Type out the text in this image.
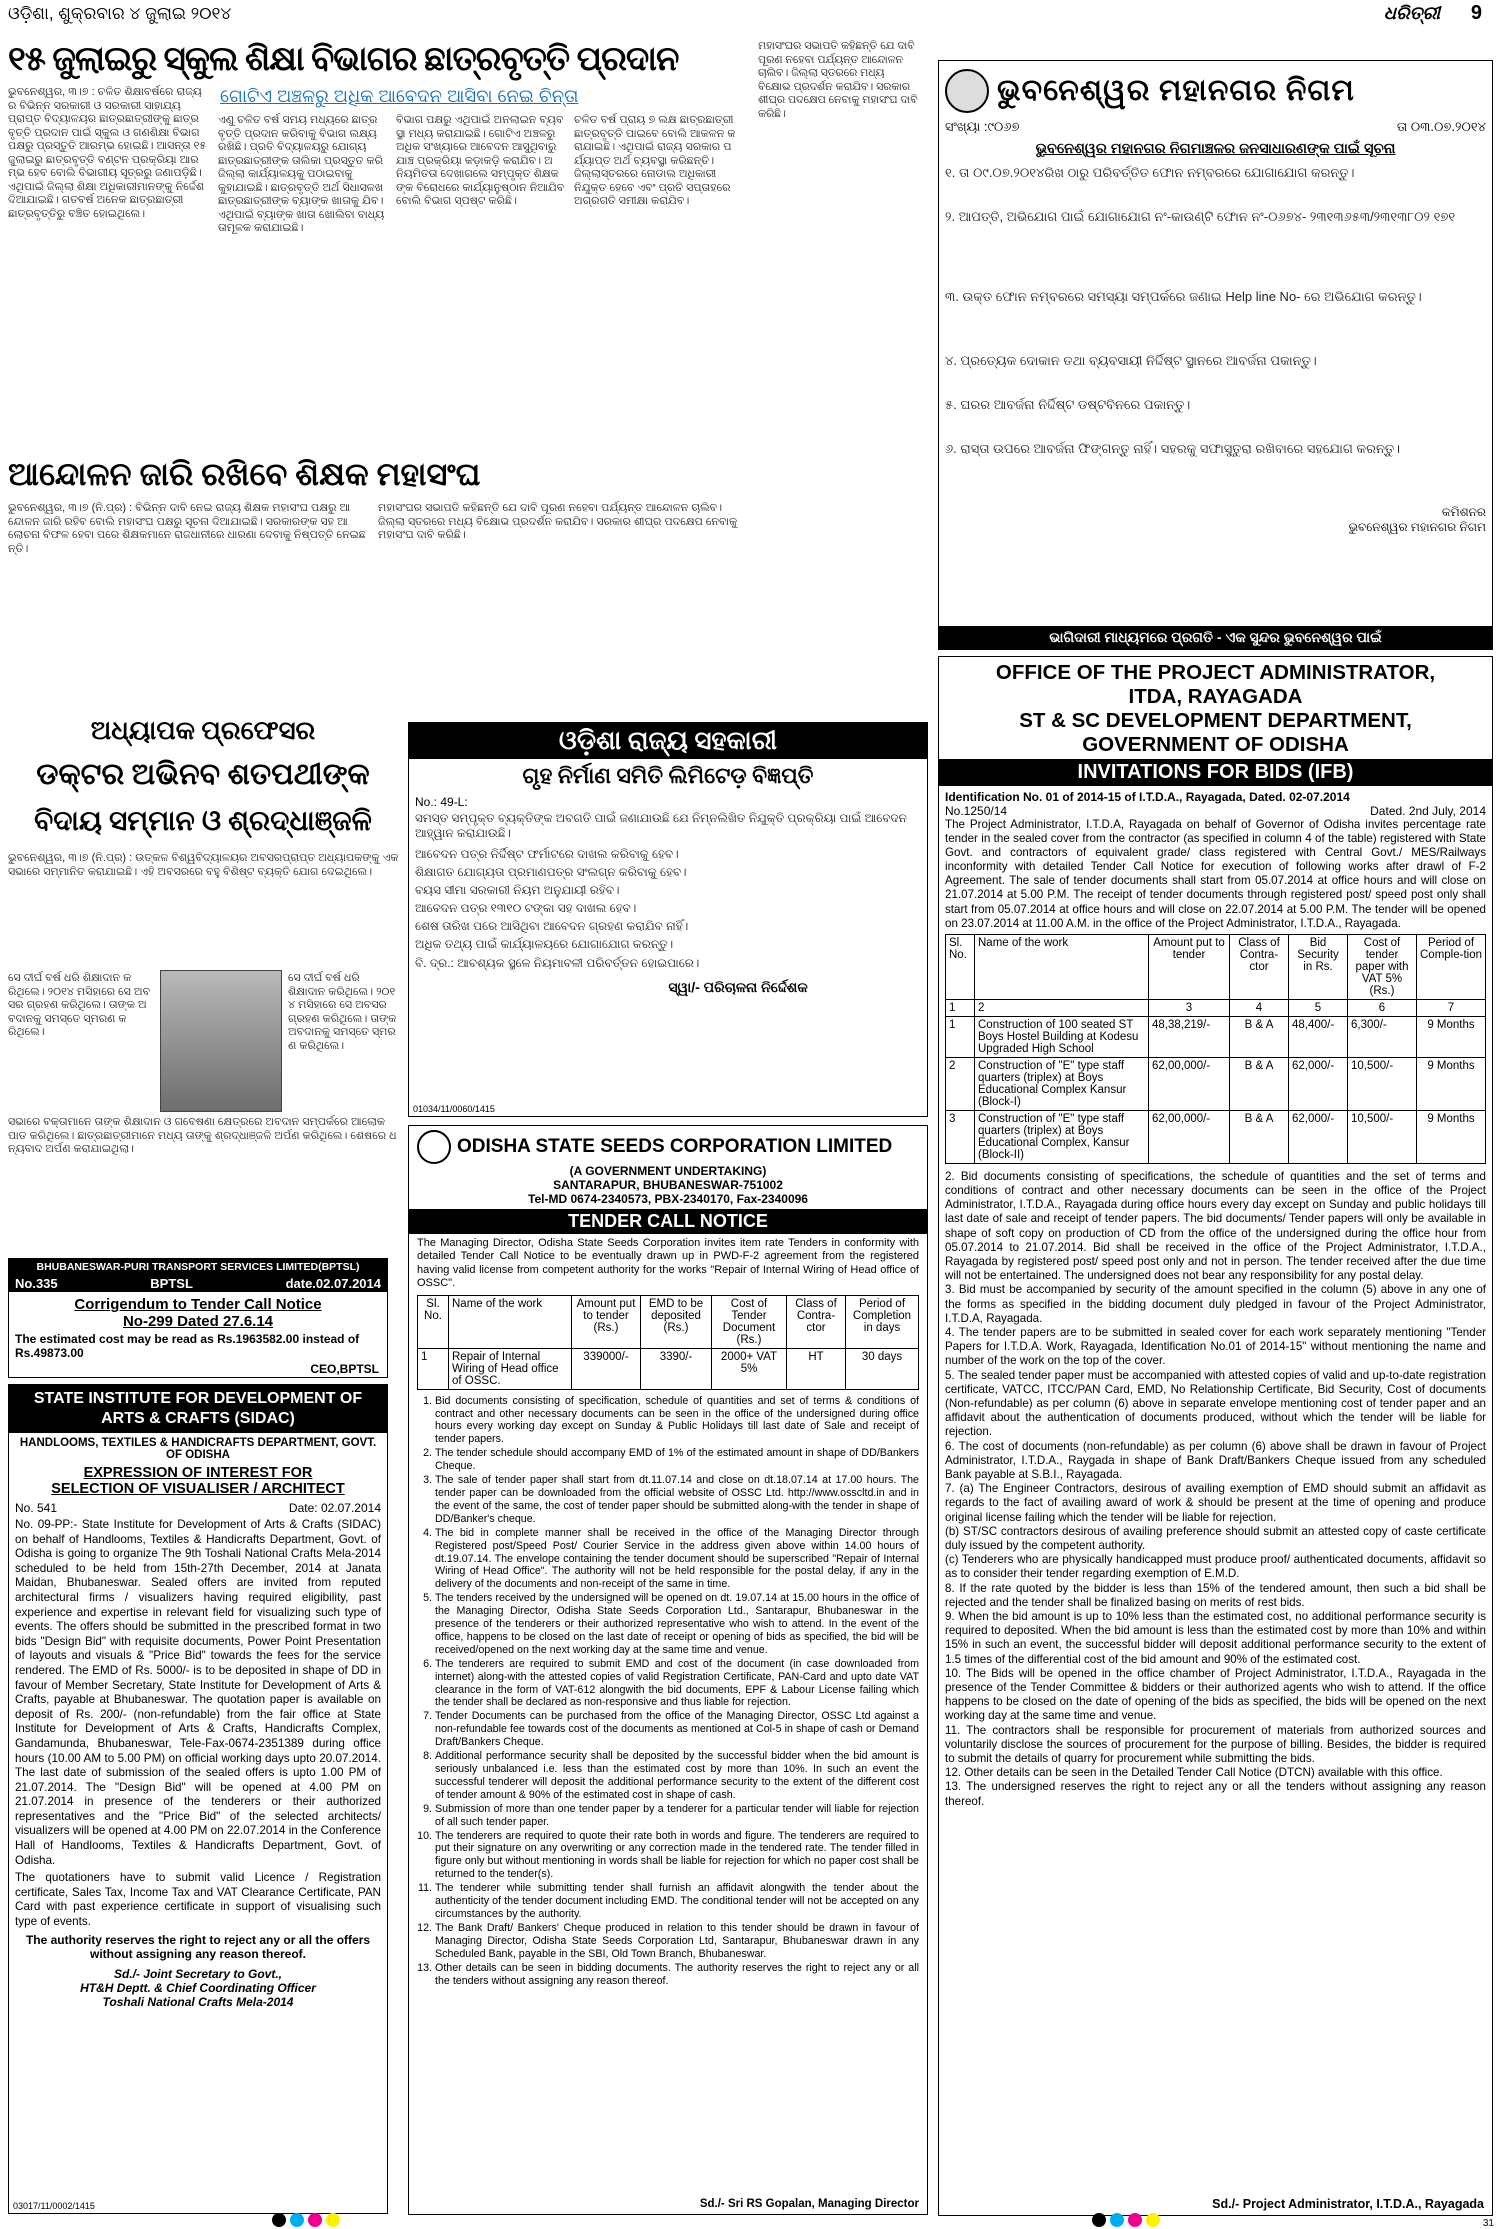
ଓଡ଼ିଶା, ଶୁକ୍ରବାର ୪ ଜୁଲାଇ ୨୦୧୪	ଧରିତ୍ରୀ 9
୧୫ ଜୁଲାଇରୁ ସ୍କୁଲ ଶିକ୍ଷା ବିଭାଗର ଛାତ୍ରବୃତ୍ତି ପ୍ରଦାନ
ଗୋଟିଏ ଅଞ୍ଚଳରୁ ଅଧିକ ଆବେଦନ ଆସିବା ନେଇ ଚିନ୍ତା
ଭୁବନେଶ୍ୱର, ୩।୭ : ଚଳିତ ଶିକ୍ଷାବର୍ଷରେ ରାଜ୍ୟର ବିଭିନ୍ନ ସରକାରୀ ଓ ସରକାରୀ ସାହାଯ୍ୟପ୍ରାପ୍ତ ବିଦ୍ୟାଳୟର ଛାତ୍ରଛାତ୍ରୀଙ୍କୁ ଛାତ୍ରବୃତ୍ତି ପ୍ରଦାନ ପାଇଁ ସ୍କୁଲ ଓ ଗଣଶିକ୍ଷା ବିଭାଗ ପକ୍ଷରୁ ପ୍ରସ୍ତୁତି ଆରମ୍ଭ ହୋଇଛି। ଆସନ୍ତା ୧୫ ଜୁଲାଇରୁ ଛାତ୍ରବୃତ୍ତି ବଣ୍ଟନ ପ୍ରକ୍ରିୟା ଆରମ୍ଭ ହେବ ବୋଲି ବିଭାଗୀୟ ସୂତ୍ରରୁ ଜଣାପଡ଼ିଛି। ଏଥିପାଇଁ ଜିଲ୍ଲା ଶିକ୍ଷା ଅଧିକାରୀମାନଙ୍କୁ ନିର୍ଦ୍ଦେଶ ଦିଆଯାଇଛି। ଗତବର୍ଷ ଅନେକ ଛାତ୍ରଛାତ୍ରୀ ଛାତ୍ରବୃତ୍ତିରୁ ବଞ୍ଚିତ ହୋଇଥିଲେ।
ଏଣୁ ଚଳିତ ବର୍ଷ ସମୟ ମଧ୍ୟରେ ଛାତ୍ରବୃତ୍ତି ପ୍ରଦାନ କରିବାକୁ ବିଭାଗ ଲକ୍ଷ୍ୟ ରଖିଛି। ପ୍ରତି ବିଦ୍ୟାଳୟରୁ ଯୋଗ୍ୟ ଛାତ୍ରଛାତ୍ରୀଙ୍କ ତାଲିକା ପ୍ରସ୍ତୁତ କରି ଜିଲ୍ଲା କାର୍ଯ୍ୟାଳୟକୁ ପଠାଇବାକୁ କୁହାଯାଇଛି। ଛାତ୍ରବୃତ୍ତି ଅର୍ଥ ସିଧାସଳଖ ଛାତ୍ରଛାତ୍ରୀଙ୍କ ବ୍ୟାଙ୍କ ଖାତାକୁ ଯିବ। ଏଥିପାଇଁ ବ୍ୟାଙ୍କ ଖାତା ଖୋଲିବା ବାଧ୍ୟତାମୂଳକ କରାଯାଇଛି।
ବିଭାଗ ପକ୍ଷରୁ ଏଥିପାଇଁ ଅନଲାଇନ ବ୍ୟବସ୍ଥା ମଧ୍ୟ କରାଯାଇଛି। ଗୋଟିଏ ଅଞ୍ଚଳରୁ ଅଧିକ ସଂଖ୍ୟାରେ ଆବେଦନ ଆସୁଥିବାରୁ ଯାଞ୍ଚ ପ୍ରକ୍ରିୟା କଡ଼ାକଡ଼ି କରାଯିବ। ଅନିୟମିତତା ଦେଖାଗଲେ ସମ୍ପୃକ୍ତ ଶିକ୍ଷକଙ୍କ ବିରୋଧରେ କାର୍ଯ୍ୟାନୁଷ୍ଠାନ ନିଆଯିବ ବୋଲି ବିଭାଗ ସ୍ପଷ୍ଟ କରିଛି।
ଚଳିତ ବର୍ଷ ପ୍ରାୟ ୭ ଲକ୍ଷ ଛାତ୍ରଛାତ୍ରୀ ଛାତ୍ରବୃତ୍ତି ପାଇବେ ବୋଲି ଆକଳନ କରାଯାଇଛି। ଏଥିପାଇଁ ରାଜ୍ୟ ସରକାର ପର୍ଯ୍ୟାପ୍ତ ଅର୍ଥ ବ୍ୟବସ୍ଥା କରିଛନ୍ତି। ଜିଲ୍ଲାସ୍ତରରେ ନୋଡାଲ ଅଧିକାରୀ ନିଯୁକ୍ତ ହେବେ ଏବଂ ପ୍ରତି ସପ୍ତାହରେ ଅଗ୍ରଗତି ସମୀକ୍ଷା କରାଯିବ।
ମହାସଂଘର ସଭାପତି କହିଛନ୍ତି ଯେ ଦାବି ପୂରଣ ନହେବା ପର୍ଯ୍ୟନ୍ତ ଆନ୍ଦୋଳନ ଚାଲିବ। ଜିଲ୍ଲା ସ୍ତରରେ ମଧ୍ୟ ବିକ୍ଷୋଭ ପ୍ରଦର୍ଶନ କରାଯିବ। ସରକାର ଶୀଘ୍ର ପଦକ୍ଷେପ ନେବାକୁ ମହାସଂଘ ଦାବି କରିଛି।
ଆନ୍ଦୋଳନ ଜାରି ରଖିବେ ଶିକ୍ଷକ ମହାସଂଘ
ଭୁବନେଶ୍ୱର, ୩।୭ (ନି.ପ୍ର) : ବିଭିନ୍ନ ଦାବି ନେଇ ରାଜ୍ୟ ଶିକ୍ଷକ ମହାସଂଘ ପକ୍ଷରୁ ଆନ୍ଦୋଳନ ଜାରି ରହିବ ବୋଲି ମହାସଂଘ ପକ୍ଷରୁ ସୂଚନା ଦିଆଯାଇଛି। ସରକାରଙ୍କ ସହ ଆଲୋଚନା ବିଫଳ ହେବା ପରେ ଶିକ୍ଷକମାନେ ରାଜଧାନୀରେ ଧାରଣା ଦେବାକୁ ନିଷ୍ପତ୍ତି ନେଇଛନ୍ତି।
ମହାସଂଘର ସଭାପତି କହିଛନ୍ତି ଯେ ଦାବି ପୂରଣ ନହେବା ପର୍ଯ୍ୟନ୍ତ ଆନ୍ଦୋଳନ ଚାଲିବ। ଜିଲ୍ଲା ସ୍ତରରେ ମଧ୍ୟ ବିକ୍ଷୋଭ ପ୍ରଦର୍ଶନ କରାଯିବ। ସରକାର ଶୀଘ୍ର ପଦକ୍ଷେପ ନେବାକୁ ମହାସଂଘ ଦାବି କରିଛି।
ଅଧ୍ୟାପକ ପ୍ରଫେସର
ଡକ୍ଟର ଅଭିନବ ଶତପଥୀଙ୍କ
ବିଦାୟ ସମ୍ମାନ ଓ ଶ୍ରଦ୍ଧାଞ୍ଜଳି
ଭୁବନେଶ୍ୱର, ୩।୭ (ନି.ପ୍ର) : ଉତ୍କଳ ବିଶ୍ୱବିଦ୍ୟାଳୟର ଅବସରପ୍ରାପ୍ତ ଅଧ୍ୟାପକଙ୍କୁ ଏକ ସଭାରେ ସମ୍ମାନିତ କରାଯାଇଛି। ଏହି ଅବସରରେ ବହୁ ବିଶିଷ୍ଟ ବ୍ୟକ୍ତି ଯୋଗ ଦେଇଥିଲେ।
ସେ ଦୀର୍ଘ ବର୍ଷ ଧରି ଶିକ୍ଷାଦାନ କରିଥିଲେ। ୨୦୧୪ ମସିହାରେ ସେ ଅବସର ଗ୍ରହଣ କରିଥିଲେ। ତାଙ୍କ ଅବଦାନକୁ ସମସ୍ତେ ସ୍ମରଣ କରିଥିଲେ।
ସେ ଦୀର୍ଘ ବର୍ଷ ଧରି ଶିକ୍ଷାଦାନ କରିଥିଲେ। ୨୦୧୪ ମସିହାରେ ସେ ଅବସର ଗ୍ରହଣ କରିଥିଲେ। ତାଙ୍କ ଅବଦାନକୁ ସମସ୍ତେ ସ୍ମରଣ କରିଥିଲେ।
ସଭାରେ ବକ୍ତାମାନେ ତାଙ୍କ ଶିକ୍ଷାଦାନ ଓ ଗବେଷଣା କ୍ଷେତ୍ରରେ ଅବଦାନ ସମ୍ପର୍କରେ ଆଲୋକପାତ କରିଥିଲେ। ଛାତ୍ରଛାତ୍ରୀମାନେ ମଧ୍ୟ ତାଙ୍କୁ ଶ୍ରଦ୍ଧାଞ୍ଜଳି ଅର୍ପଣ କରିଥିଲେ। ଶେଷରେ ଧନ୍ୟବାଦ ଅର୍ପଣ କରାଯାଇଥିଲା।
BHUBANESWAR-PURI TRANSPORT SERVICES LIMITED(BPTSL)
No.335	BPTSL	date.02.07.2014
Corrigendum to Tender Call Notice
No-299 Dated 27.6.14
The estimated cost may be read as Rs.1963582.00 instead of Rs.49873.00
CEO,BPTSL
STATE INSTITUTE FOR DEVELOPMENT OF ARTS & CRAFTS (SIDAC)
HANDLOOMS, TEXTILES & HANDICRAFTS DEPARTMENT, GOVT. OF ODISHA
EXPRESSION OF INTEREST FOR
SELECTION OF VISUALISER / ARCHITECT
No. 541	Date: 02.07.2014
No. 09-PP:- State Institute for Development of Arts & Crafts (SIDAC) on behalf of Handlooms, Textiles & Handicrafts Department, Govt. of Odisha is going to organize The 9th Toshali National Crafts Mela-2014 scheduled to be held from 15th-27th December, 2014 at Janata Maidan, Bhubaneswar. Sealed offers are invited from reputed architectural firms / visualizers having required eligibility, past experience and expertise in relevant field for visualizing such type of events. The offers should be submitted in the prescribed format in two bids "Design Bid" with requisite documents, Power Point Presentation of layouts and visuals & "Price Bid" towards the fees for the service rendered. The EMD of Rs. 5000/- is to be deposited in shape of DD in favour of Member Secretary, State Institute for Development of Arts & Crafts, payable at Bhubaneswar. The quotation paper is available on deposit of Rs. 200/- (non-refundable) from the fair office at State Institute for Development of Arts & Crafts, Handicrafts Complex, Gandamunda, Bhubaneswar, Tele-Fax-0674-2351389 during office hours (10.00 AM to 5.00 PM) on official working days upto 20.07.2014. The last date of submission of the sealed offers is upto 1.00 PM of 21.07.2014. The "Design Bid" will be opened at 4.00 PM on 21.07.2014 in presence of the tenderers or their authorized representatives and the "Price Bid" of the selected architects/ visualizers will be opened at 4.00 PM on 22.07.2014 in the Conference Hall of Handlooms, Textiles & Handicrafts Department, Govt. of Odisha.
The quotationers have to submit valid Licence / Registration certificate, Sales Tax, Income Tax and VAT Clearance Certificate, PAN Card with past experience certificate in support of visualising such type of events.
The authority reserves the right to reject any or all the offers without assigning any reason thereof.
Sd./- Joint Secretary to Govt.,
HT&H Deptt. & Chief Coordinating Officer
Toshali National Crafts Mela-2014
03017/11/0002/1415
ଓଡ଼ିଶା ରାଜ୍ୟ ସହକାରୀ
ଗୃହ ନିର୍ମାଣ ସମିତି ଲିମିଟେଡ଼ ବିଜ୍ଞପ୍ତି
No.: 49-L:
ସମସ୍ତ ସମ୍ପୃକ୍ତ ବ୍ୟକ୍ତିଙ୍କ ଅବଗତି ପାଇଁ ଜଣାଯାଉଛି ଯେ ନିମ୍ନଲିଖିତ ନିଯୁକ୍ତି ପ୍ରକ୍ରିୟା ପାଇଁ ଆବେଦନ ଆହ୍ୱାନ କରାଯାଉଛି।
ଆବେଦନ ପତ୍ର ନିର୍ଦ୍ଦିଷ୍ଟ ଫର୍ମାଟରେ ଦାଖଲ କରିବାକୁ ହେବ।
ଶିକ୍ଷାଗତ ଯୋଗ୍ୟତା ପ୍ରମାଣପତ୍ର ସଂଲଗ୍ନ କରିବାକୁ ହେବ।
ବୟସ ସୀମା ସରକାରୀ ନିୟମ ଅନୁଯାୟୀ ରହିବ।
ଆବେଦନ ପତ୍ର ୧୩୧୦ ଟଙ୍କା ସହ ଦାଖଲ ହେବ।
ଶେଷ ତାରିଖ ପରେ ଆସିଥିବା ଆବେଦନ ଗ୍ରହଣ କରାଯିବ ନାହିଁ।
ଅଧିକ ତଥ୍ୟ ପାଇଁ କାର୍ଯ୍ୟାଳୟରେ ଯୋଗାଯୋଗ କରନ୍ତୁ।
ବି. ଦ୍ର.: ଆବଶ୍ୟକ ସ୍ଥଳେ ନିୟମାବଳୀ ପରିବର୍ତ୍ତନ ହୋଇପାରେ।
ସ୍ୱା/- ପରିଚାଳନା ନିର୍ଦ୍ଦେଶକ
01034/11/0060/1415
ODISHA STATE SEEDS CORPORATION LIMITED
(A GOVERNMENT UNDERTAKING)
SANTARAPUR, BHUBANESWAR-751002
Tel-MD 0674-2340573, PBX-2340170, Fax-2340096
TENDER CALL NOTICE
The Managing Director, Odisha State Seeds Corporation invites item rate Tenders in conformity with detailed Tender Call Notice to be eventually drawn up in PWD-F-2 agreement from the registered having valid license from competent authority for the works "Repair of Internal Wiring of Head office of OSSC".
Sl. No.	Name of the work	Amount put to tender (Rs.)	EMD to be deposited (Rs.)	Cost of Tender Document (Rs.)	Class of Contra-ctor	Period of Completion in days
1	Repair of Internal Wiring of Head office of OSSC.	339000/-	3390/-	2000+ VAT 5%	HT	30 days
1. Bid documents consisting of specification, schedule of quantities and set of terms & conditions of contract and other necessary documents can be seen in the office of the undersigned during office hours every working day except on Sunday & Public Holidays till last date of Sale and receipt of tender papers.
2. The tender schedule should accompany EMD of 1% of the estimated amount in shape of DD/Bankers Cheque.
3. The sale of tender paper shall start from dt.11.07.14 and close on dt.18.07.14 at 17.00 hours. The tender paper can be downloaded from the official website of OSSC Ltd. http://www.osscltd.in and in the event of the same, the cost of tender paper should be submitted along-with the tender in shape of DD/Banker's cheque.
4. The bid in complete manner shall be received in the office of the Managing Director through Registered post/Speed Post/ Courier Service in the address given above within 14.00 hours of dt.19.07.14. The envelope containing the tender document should be superscribed "Repair of Internal Wiring of Head Office". The authority will not be held responsible for the postal delay, if any in the delivery of the documents and non-receipt of the same in time.
5. The tenders received by the undersigned will be opened on dt. 19.07.14 at 15.00 hours in the office of the Managing Director, Odisha State Seeds Corporation Ltd., Santarapur, Bhubaneswar in the presence of the tenderers or their authorized representative who wish to attend. In the event of the office, happens to be closed on the last date of receipt or opening of bids as specified, the bid will be received/opened on the next working day at the same time and venue.
6. The tenderers are required to submit EMD and cost of the document (in case downloaded from internet) along-with the attested copies of valid Registration Certificate, PAN-Card and upto date VAT clearance in the form of VAT-612 alongwith the bid documents, EPF & Labour License failing which the tender shall be declared as non-responsive and thus liable for rejection.
7. Tender Documents can be purchased from the office of the Managing Director, OSSC Ltd against a non-refundable fee towards cost of the documents as mentioned at Col-5 in shape of cash or Demand Draft/Bankers Cheque.
8. Additional performance security shall be deposited by the successful bidder when the bid amount is seriously unbalanced i.e. less than the estimated cost by more than 10%. In such an event the successful tenderer will deposit the additional performance security to the extent of the different cost of tender amount & 90% of the estimated cost in shape of cash.
9. Submission of more than one tender paper by a tenderer for a particular tender will liable for rejection of all such tender paper.
10. The tenderers are required to quote their rate both in words and figure. The tenderers are required to put their signature on any overwriting or any correction made in the tendered rate. The tender filled in figure only but without mentioning in words shall be liable for rejection for which no paper cost shall be returned to the tender(s).
11. The tenderer while submitting tender shall furnish an affidavit alongwith the tender about the authenticity of the tender document including EMD. The conditional tender will not be accepted on any circumstances by the authority.
12. The Bank Draft/ Bankers' Cheque produced in relation to this tender should be drawn in favour of Managing Director, Odisha State Seeds Corporation Ltd, Santarapur, Bhubaneswar drawn in any Scheduled Bank, payable in the SBI, Old Town Branch, Bhubaneswar.
13. Other details can be seen in bidding documents. The authority reserves the right to reject any or all the tenders without assigning any reason thereof.
Sd./- Sri RS Gopalan, Managing Director
ଭୁବନେଶ୍ୱର ମହାନଗର ନିଗମ
ସଂଖ୍ୟା :୯୦୬୭	ତା ୦୩.୦୭.୨୦୧୪
ଭୁବନେଶ୍ୱର ମହାନଗର ନିଗମାଞ୍ଚଳର ଜନସାଧାରଣଙ୍କ ପାଇଁ ସୂଚନା
୧. ତା ୦୯.୦୭.୨୦୧୪ରିଖ ଠାରୁ ପରିବର୍ତ୍ତିତ ଫୋନ ନମ୍ବରରେ ଯୋଗାଯୋଗ କରନ୍ତୁ।
୨. ଆପତ୍ତି, ଅଭିଯୋଗ ପାଇଁ ଯୋଗାଯୋଗ ନଂ-କାଉଣ୍ଟି ଫୋନ ନଂ-୦୬୭୪- ୨୩୧୩୬୫୩/୨୩୧୩୮୦୨ ୧୭୧
୩. ଉକ୍ତ ଫୋନ ନମ୍ବରରେ ସମସ୍ୟା ସମ୍ପର୍କରେ ଜଣାଇ Help line No- ରେ ଅଭିଯୋଗ କରନ୍ତୁ।
୪. ପ୍ରତ୍ୟେକ ଦୋକାନ ତଥା ବ୍ୟବସାୟୀ ନିର୍ଦ୍ଦିଷ୍ଟ ସ୍ଥାନରେ ଆବର୍ଜନା ପକାନ୍ତୁ।
୫. ଘରର ଆବର୍ଜନା ନିର୍ଦ୍ଦିଷ୍ଟ ଡଷ୍ଟବିନରେ ପକାନ୍ତୁ।
୬. ରାସ୍ତା ଉପରେ ଆବର୍ଜନା ଫିଙ୍ଗନ୍ତୁ ନାହିଁ। ସହରକୁ ସଫାସୁତୁରା ରଖିବାରେ ସହଯୋଗ କରନ୍ତୁ।
କମିଶନର
ଭୁବନେଶ୍ୱର ମହାନଗର ନିଗମ
ଭାଗିଦାରୀ ମାଧ୍ୟମରେ ପ୍ରଗତି - ଏକ ସୁନ୍ଦର ଭୁବନେଶ୍ୱର ପାଇଁ
OFFICE OF THE PROJECT ADMINISTRATOR,
ITDA, RAYAGADA
ST & SC DEVELOPMENT DEPARTMENT,
GOVERNMENT OF ODISHA
INVITATIONS FOR BIDS (IFB)
Identification No. 01 of 2014-15 of I.T.D.A., Rayagada, Dated. 02-07.2014
No.1250/14	Dated. 2nd July, 2014
The Project Administrator, I.T.D.A, Rayagada on behalf of Governor of Odisha invites percentage rate tender in the sealed cover from the contractor (as specified in column 4 of the table) registered with State Govt. and contractors of equivalent grade/ class registered with Central Govt./ MES/Railways inconformity with detailed Tender Call Notice for execution of following works after drawl of F-2 Agreement. The sale of tender documents shall start from 05.07.2014 at office hours and will close on 21.07.2014 at 5.00 P.M. The receipt of tender documents through registered post/ speed post only shall start from 05.07.2014 at office hours and will close on 22.07.2014 at 5.00 P.M. The tender will be opened on 23.07.2014 at 11.00 A.M. in the office of the Project Administrator, I.T.D.A., Rayagada.
Sl. No.	Name of the work	Amount put to tender	Class of Contra-ctor	Bid Security in Rs.	Cost of tender paper with VAT 5% (Rs.)	Period of Comple-tion
1	2	3	4	5	6	7
1	Construction of 100 seated ST Boys Hostel Building at Kodesu Upgraded High School	48,38,219/-	B & A	48,400/-	6,300/-	9 Months
2	Construction of "E" type staff quarters (triplex) at Boys Educational Complex Kansur (Block-I)	62,00,000/-	B & A	62,000/-	10,500/-	9 Months
3	Construction of "E" type staff quarters (triplex) at Boys Educational Complex, Kansur (Block-II)	62,00,000/-	B & A	62,000/-	10,500/-	9 Months
2. Bid documents consisting of specifications, the schedule of quantities and the set of terms and conditions of contract and other necessary documents can be seen in the office of the Project Administrator, I.T.D.A., Rayagada during office hours every day except on Sunday and public holidays till last date of sale and receipt of tender papers. The bid documents/ Tender papers will only be available in shape of soft copy on production of CD from the office of the undersigned during the office hour from 05.07.2014 to 21.07.2014. Bid shall be received in the office of the Project Administrator, I.T.D.A., Rayagada by registered post/ speed post only and not in person. The tender received after the due time will not be entertained. The undersigned does not bear any responsibility for any postal delay.
3. Bid must be accompanied by security of the amount specified in the column (5) above in any one of the forms as specified in the bidding document duly pledged in favour of the Project Administrator, I.T.D.A, Rayagada.
4. The tender papers are to be submitted in sealed cover for each work separately mentioning "Tender Papers for I.T.D.A. Work, Rayagada, Identification No.01 of 2014-15" without mentioning the name and number of the work on the top of the cover.
5. The sealed tender paper must be accompanied with attested copies of valid and up-to-date registration certificate, VATCC, ITCC/PAN Card, EMD, No Relationship Certificate, Bid Security, Cost of documents (Non-refundable) as per column (6) above in separate envelope mentioning cost of tender paper and an affidavit about the authentication of documents produced, without which the tender will be liable for rejection.
6. The cost of documents (non-refundable) as per column (6) above shall be drawn in favour of Project Administrator, I.T.D.A., Raygada in shape of Bank Draft/Bankers Cheque issued from any scheduled Bank payable at S.B.I., Rayagada.
7. (a) The Engineer Contractors, desirous of availing exemption of EMD should submit an affidavit as regards to the fact of availing award of work & should be present at the time of opening and produce original license failing which the tender will be liable for rejection.
(b) ST/SC contractors desirous of availing preference should submit an attested copy of caste certificate duly issued by the competent authority.
(c) Tenderers who are physically handicapped must produce proof/ authenticated documents, affidavit so as to consider their tender regarding exemption of E.M.D.
8. If the rate quoted by the bidder is less than 15% of the tendered amount, then such a bid shall be rejected and the tender shall be finalized basing on merits of rest bids.
9. When the bid amount is up to 10% less than the estimated cost, no additional performance security is required to deposited. When the bid amount is less than the estimated cost by more than 10% and within 15% in such an event, the successful bidder will deposit additional performance security to the extent of 1.5 times of the differential cost of the bid amount and 90% of the estimated cost.
10. The Bids will be opened in the office chamber of Project Administrator, I.T.D.A., Rayagada in the presence of the Tender Committee & bidders or their authorized agents who wish to attend. If the office happens to be closed on the date of opening of the bids as specified, the bids will be opened on the next working day at the same time and venue.
11. The contractors shall be responsible for procurement of materials from authorized sources and voluntarily disclose the sources of procurement for the purpose of billing. Besides, the bidder is required to submit the details of quarry for procurement while submitting the bids.
12. Other details can be seen in the Detailed Tender Call Notice (DTCN) available with this office.
13. The undersigned reserves the right to reject any or all the tenders without assigning any reason thereof.
Sd./- Project Administrator, I.T.D.A., Rayagada
31
